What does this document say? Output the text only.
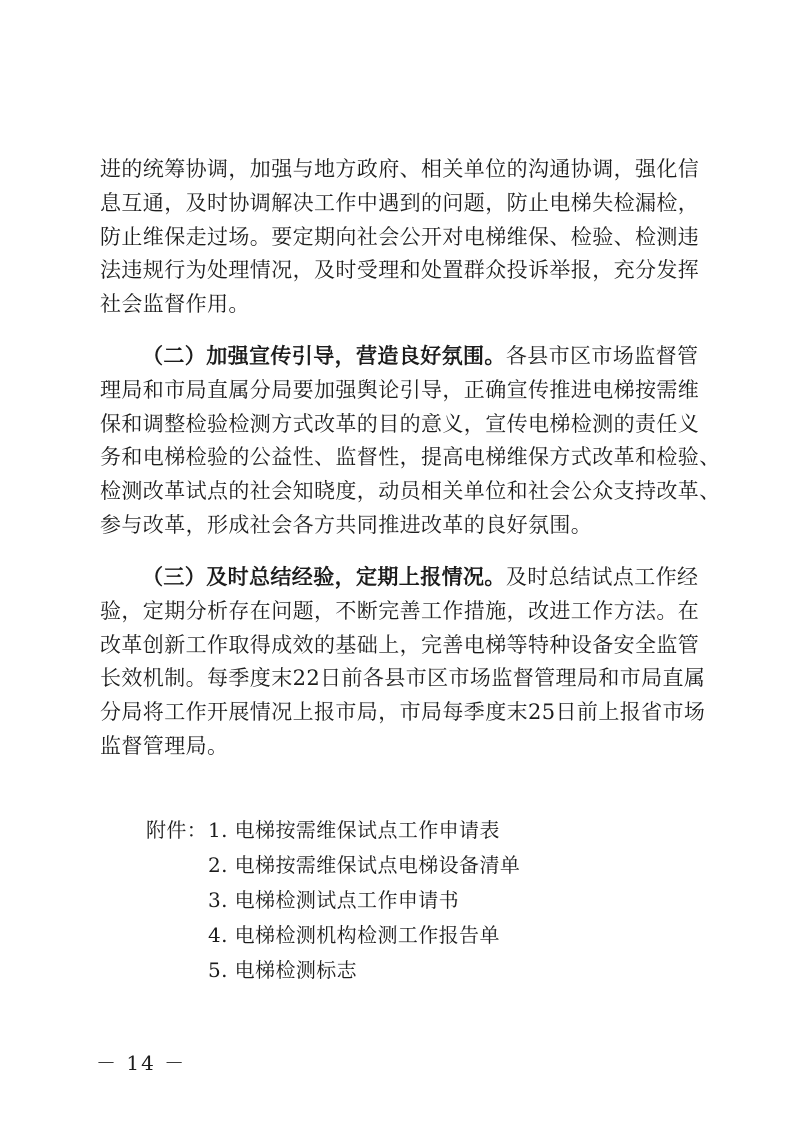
进的统筹协调，加强与地方政府、相关单位的沟通协调，强化信
息互通，及时协调解决工作中遇到的问题，防止电梯失检漏检，
防止维保走过场。要定期向社会公开对电梯维保、检验、检测违
法违规行为处理情况，及时受理和处置群众投诉举报，充分发挥
社会监督作用。
（二）加强宣传引导，营造良好氛围。各县市区市场监督管
理局和市局直属分局要加强舆论引导，正确宣传推进电梯按需维
保和调整检验检测方式改革的目的意义，宣传电梯检测的责任义
务和电梯检验的公益性、监督性，提高电梯维保方式改革和检验、
检测改革试点的社会知晓度，动员相关单位和社会公众支持改革、
参与改革，形成社会各方共同推进改革的良好氛围。
（三）及时总结经验，定期上报情况。及时总结试点工作经
验，定期分析存在问题，不断完善工作措施，改进工作方法。在
改革创新工作取得成效的基础上，完善电梯等特种设备安全监管
长效机制。每季度末22日前各县市区市场监督管理局和市局直属
分局将工作开展情况上报市局，市局每季度末25日前上报省市场
监督管理局。
附件： 1. 电梯按需维保试点工作申请表
2. 电梯按需维保试点电梯设备清单
3. 电梯检测试点工作申请书
4. 电梯检测机构检测工作报告单
5. 电梯检测标志
－ 14 －
